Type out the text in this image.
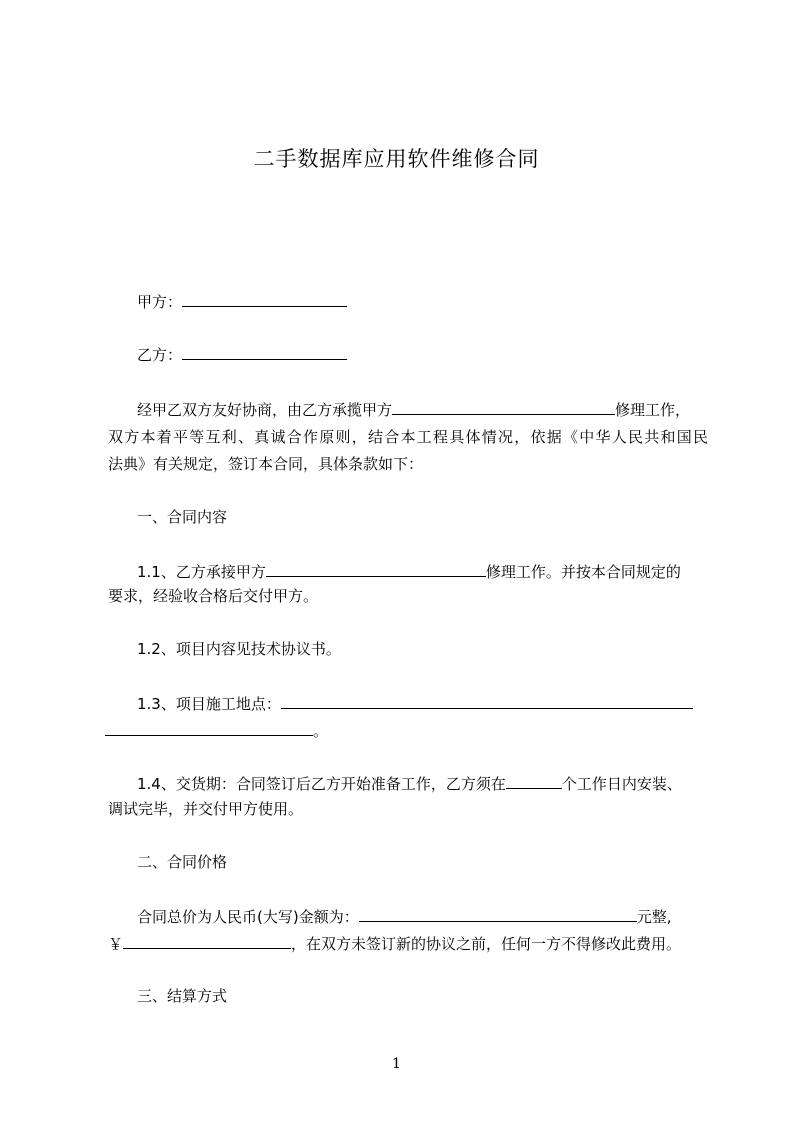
二手数据库应用软件维修合同
甲方：
乙方：
经甲乙双方友好协商，由乙方承揽甲方	修理工作，
双方本着平等互利、真诚合作原则，结合本工程具体情况，依据《中华人民共和国民
法典》有关规定，签订本合同，具体条款如下：
一、合同内容
1.1、乙方承接甲方	修理工作。并按本合同规定的
要求，经验收合格后交付甲方。
1.2、项目内容见技术协议书。
1.3、项目施工地点：
。
1.4、交货期：合同签订后乙方开始准备工作，乙方须在	个工作日内安装、
调试完毕，并交付甲方使用。
二、合同价格
合同总价为人民币(大写)金额为：	元整,
￥	，在双方未签订新的协议之前，任何一方不得修改此费用。
三、结算方式
1
